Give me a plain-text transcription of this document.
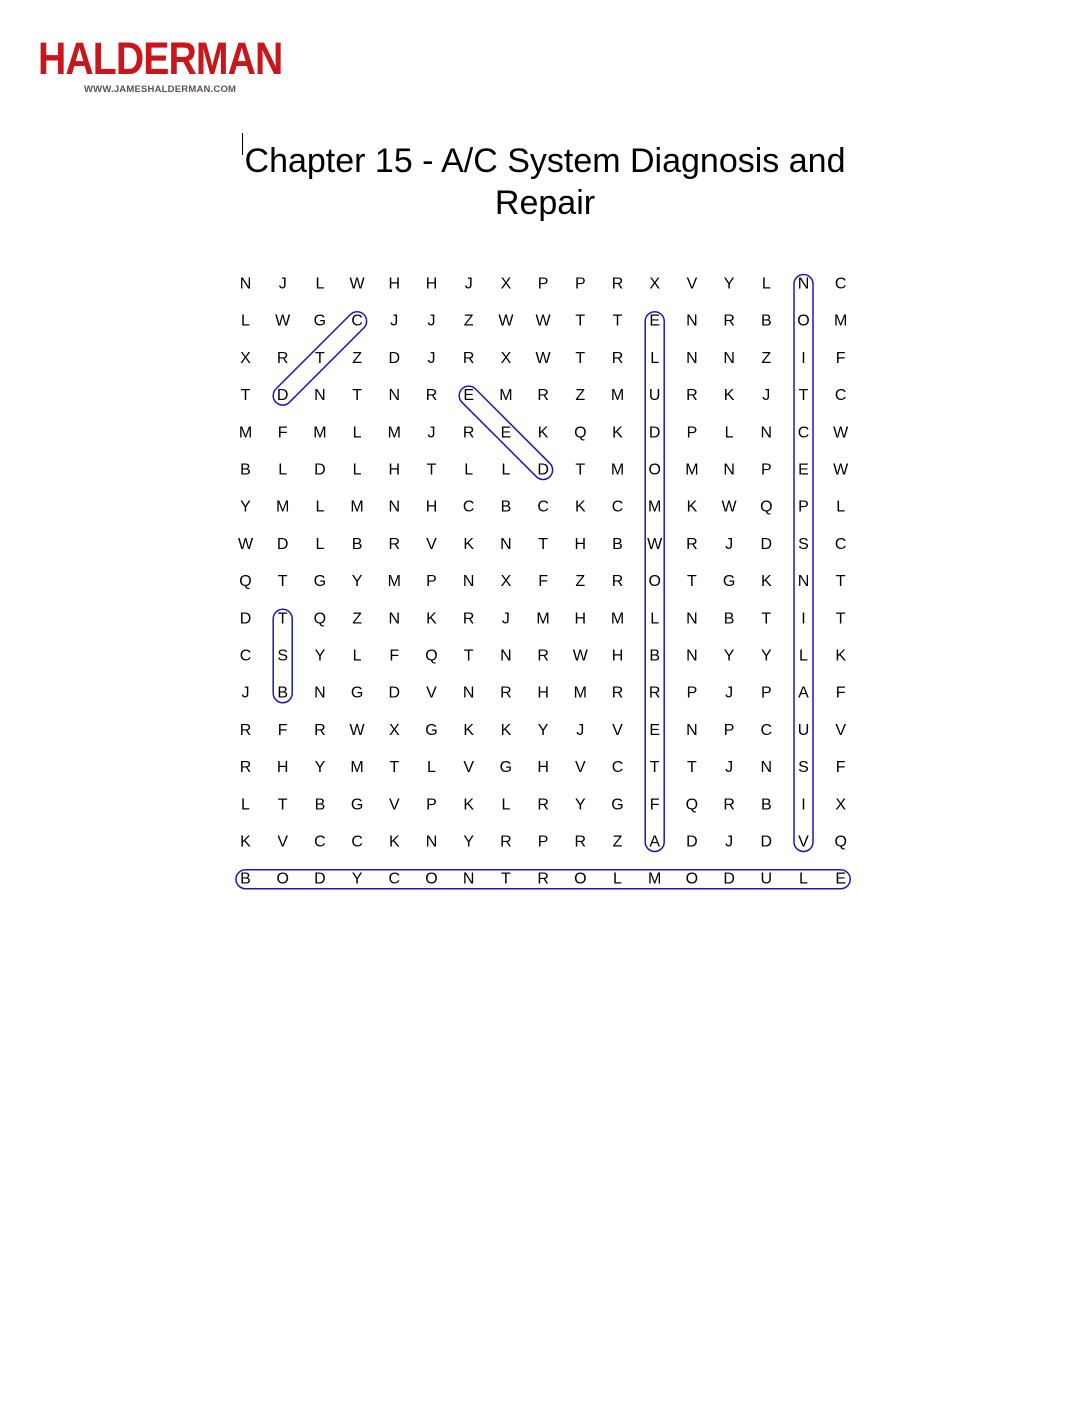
HALDERMAN
WWW.JAMESHALDERMAN.COM
Chapter 15 - A/C System Diagnosis and
Repair
N J L W H H J X P P R X V Y L N C
L W G C J J Z W W T T E N R B O M
X R T Z D J R X W T R L N N Z I F
T D N T N R E M R Z M U R K J T C
M F M L M J R E K Q K D P L N C W
B L D L H T L L D T M O M N P E W
Y M L M N H C B C K C M K W Q P L
W D L B R V K N T H B W R J D S C
Q T G Y M P N X F Z R O T G K N T
D T Q Z N K R J M H M L N B T I T
C S Y L F Q T N R W H B N Y Y L K
J B N G D V N R H M R R P J P A F
R F R W X G K K Y J V E N P C U V
R H Y M T L V G H V C T T J N S F
L T B G V P K L R Y G F Q R B I X
K V C C K N Y R P R Z A D J D V Q
B O D Y C O N T R O L M O D U L E
